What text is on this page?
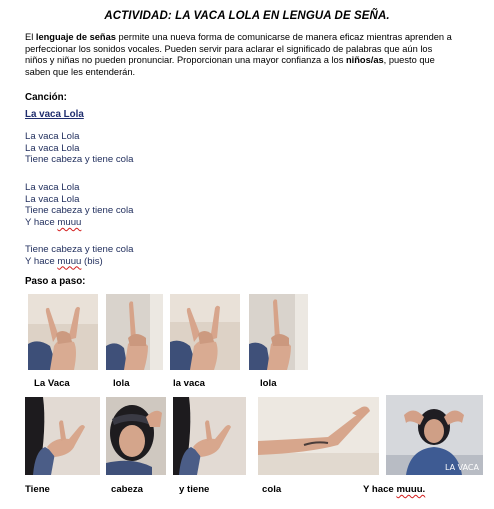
ACTIVIDAD: LA VACA LOLA EN LENGUA DE SEÑA.
El lenguaje de señas permite una nueva forma de comunicarse de manera eficaz mientras aprenden a perfeccionar los sonidos vocales. Pueden servir para aclarar el significado de palabras que aún los niños y niñas no pueden pronunciar. Proporcionan una mayor confianza a los niños/as, puesto que saben que les entenderán.
Canción:
La vaca Lola
La vaca Lola
La vaca Lola
Tiene cabeza y tiene cola
La vaca Lola
La vaca Lola
Tiene cabeza y tiene cola
Y hace muuu
Tiene cabeza y tiene cola
Y hace muuu (bis)
Paso a paso:
La Vaca	lola	la vaca	lola
LA VACA
Tiene	cabeza	y tiene	cola	Y hace muuu.
